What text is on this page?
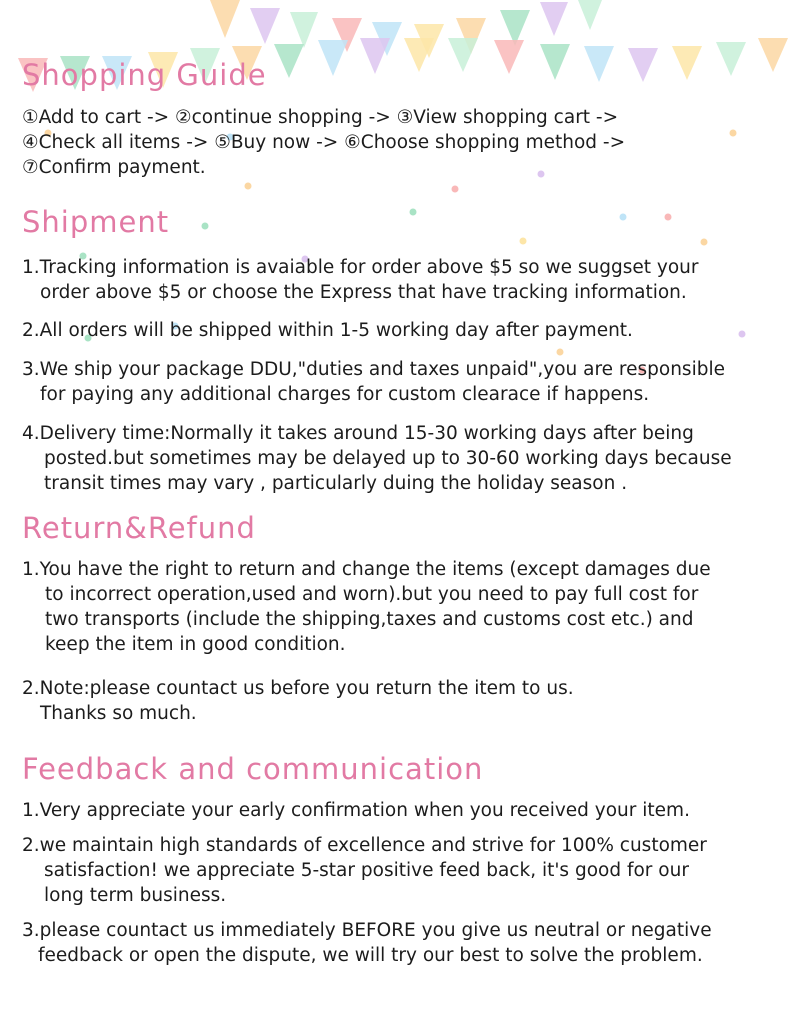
Shopping Guide

①Add to cart -> ②continue shopping -> ③View shopping cart ->

④Check all items -> ⑤Buy now -> ⑥Choose shopping method ->

⑦Confirm payment.

Shipment

1.Tracking information is avaiable for order above $5 so we suggset your

order above $5 or choose the Express that have tracking information.

2.All orders will be shipped within 1-5 working day after payment.

3.We ship your package DDU,"duties and taxes unpaid",you are responsible

for paying any additional charges for custom clearace if happens.

4.Delivery time:Normally it takes around 15-30 working days after being

posted.but sometimes may be delayed up to 30-60 working days because

transit times may vary , particularly duing the holiday season .

Return&Refund

1.You have the right to return and change the items (except damages due

to incorrect operation,used and worn).but you need to pay full cost for

two transports (include the shipping,taxes and customs cost etc.) and

keep the item in good condition.

2.Note:please countact us before you return the item to us.

Thanks so much.

Feedback and communication

1.Very appreciate your early confirmation when you received your item.

2.we maintain high standards of excellence and strive for 100% customer

satisfaction! we appreciate 5-star positive feed back, it's good for our

long term business.

3.please countact us immediately BEFORE you give us neutral or negative

feedback or open the dispute, we will try our best to solve the problem.
